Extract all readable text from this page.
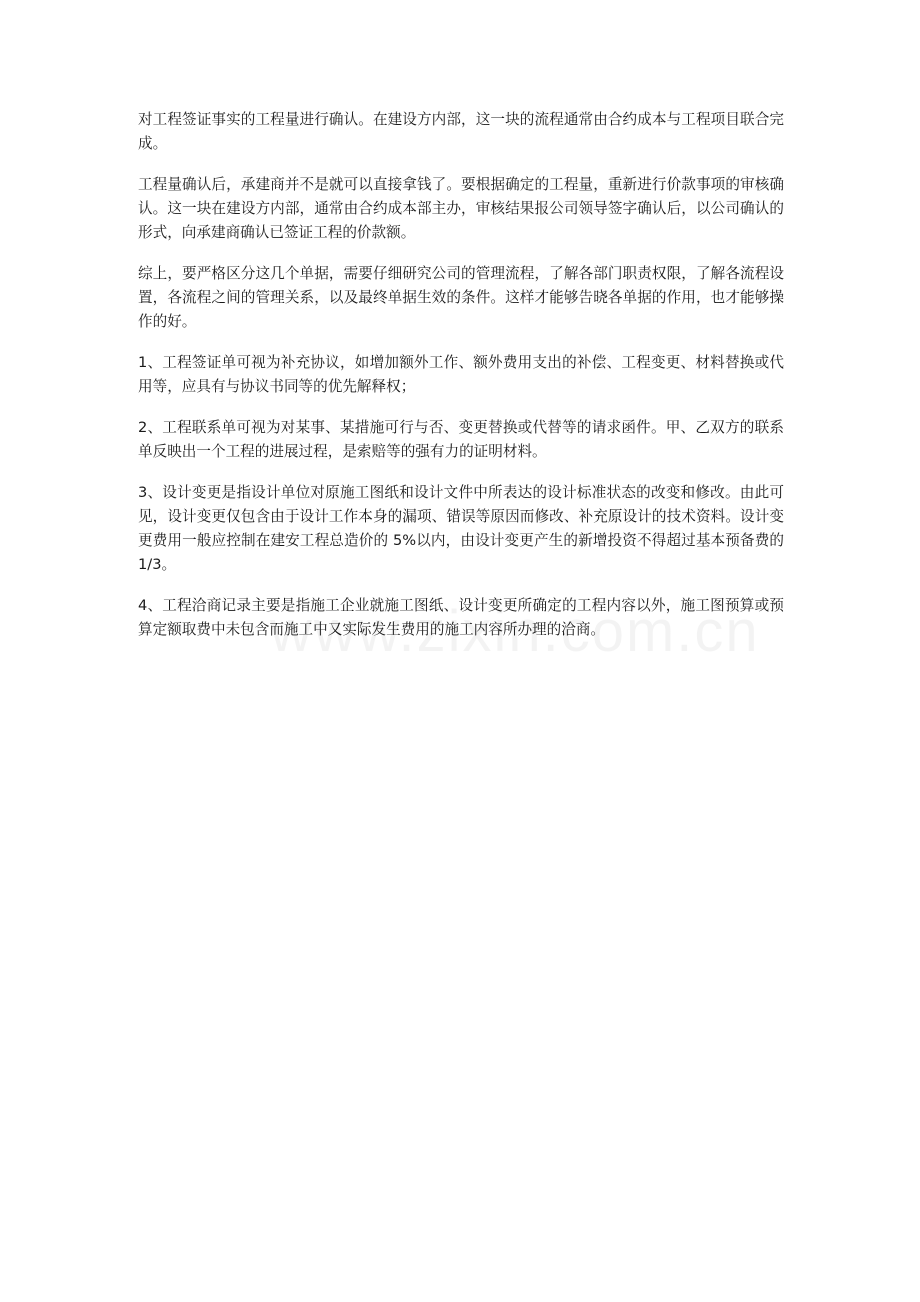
对工程签证事实的工程量进行确认。在建设方内部，这一块的流程通常由合约成本与工程项目联合完成。

工程量确认后，承建商并不是就可以直接拿钱了。要根据确定的工程量，重新进行价款事项的审核确认。这一块在建设方内部，通常由合约成本部主办，审核结果报公司领导签字确认后，以公司确认的形式，向承建商确认已签证工程的价款额。

综上，要严格区分这几个单据，需要仔细研究公司的管理流程，了解各部门职责权限，了解各流程设置，各流程之间的管理关系，以及最终单据生效的条件。这样才能够告晓各单据的作用，也才能够操作的好。

1、工程签证单可视为补充协议，如增加额外工作、额外费用支出的补偿、工程变更、材料替换或代用等，应具有与协议书同等的优先解释权；

2、工程联系单可视为对某事、某措施可行与否、变更替换或代替等的请求函件。甲、乙双方的联系单反映出一个工程的进展过程，是索赔等的强有力的证明材料。

3、设计变更是指设计单位对原施工图纸和设计文件中所表达的设计标准状态的改变和修改。由此可见，设计变更仅包含由于设计工作本身的漏项、错误等原因而修改、补充原设计的技术资料。设计变更费用一般应控制在建安工程总造价的 5%以内，由设计变更产生的新增投资不得超过基本预备费的 1/3。

4、工程洽商记录主要是指施工企业就施工图纸、设计变更所确定的工程内容以外，施工图预算或预算定额取费中未包含而施工中又实际发生费用的施工内容所办理的洽商。
